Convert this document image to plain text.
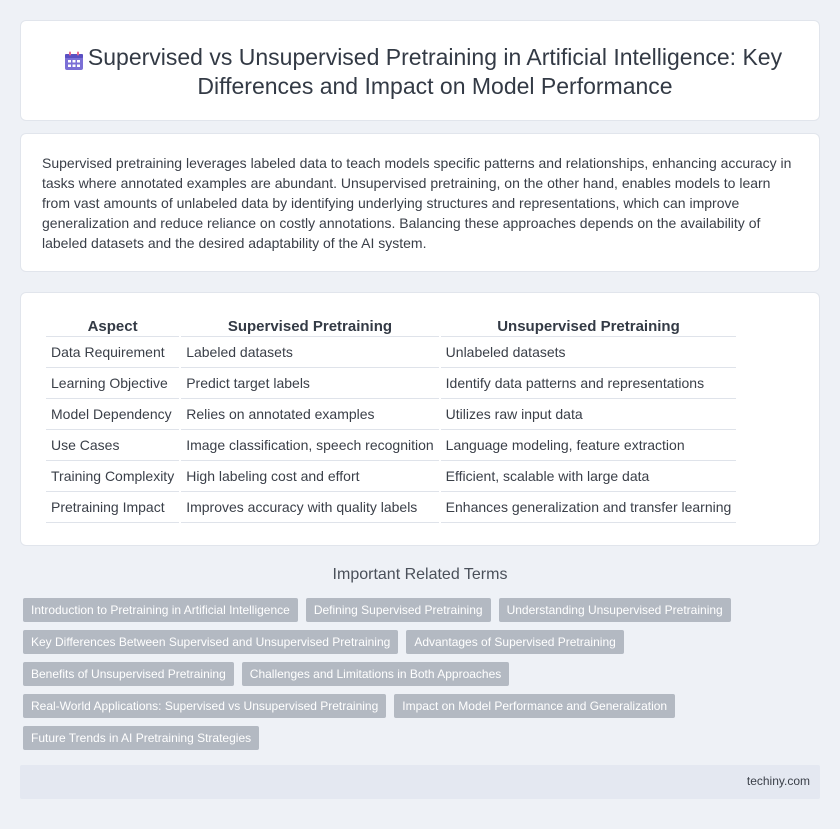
Supervised vs Unsupervised Pretraining in Artificial Intelligence: Key Differences and Impact on Model Performance

Supervised pretraining leverages labeled data to teach models specific patterns and relationships, enhancing accuracy in tasks where annotated examples are abundant. Unsupervised pretraining, on the other hand, enables models to learn from vast amounts of unlabeled data by identifying underlying structures and representations, which can improve generalization and reduce reliance on costly annotations. Balancing these approaches depends on the availability of labeled datasets and the desired adaptability of the AI system.

Aspect	Supervised Pretraining	Unsupervised Pretraining
Data Requirement	Labeled datasets	Unlabeled datasets
Learning Objective	Predict target labels	Identify data patterns and representations
Model Dependency	Relies on annotated examples	Utilizes raw input data
Use Cases	Image classification, speech recognition	Language modeling, feature extraction
Training Complexity	High labeling cost and effort	Efficient, scalable with large data
Pretraining Impact	Improves accuracy with quality labels	Enhances generalization and transfer learning
Important Related Terms
Introduction to Pretraining in Artificial Intelligence	Defining Supervised Pretraining	Understanding Unsupervised Pretraining
Key Differences Between Supervised and Unsupervised Pretraining	Advantages of Supervised Pretraining
Benefits of Unsupervised Pretraining	Challenges and Limitations in Both Approaches
Real-World Applications: Supervised vs Unsupervised Pretraining	Impact on Model Performance and Generalization
Future Trends in AI Pretraining Strategies
techiny.com
